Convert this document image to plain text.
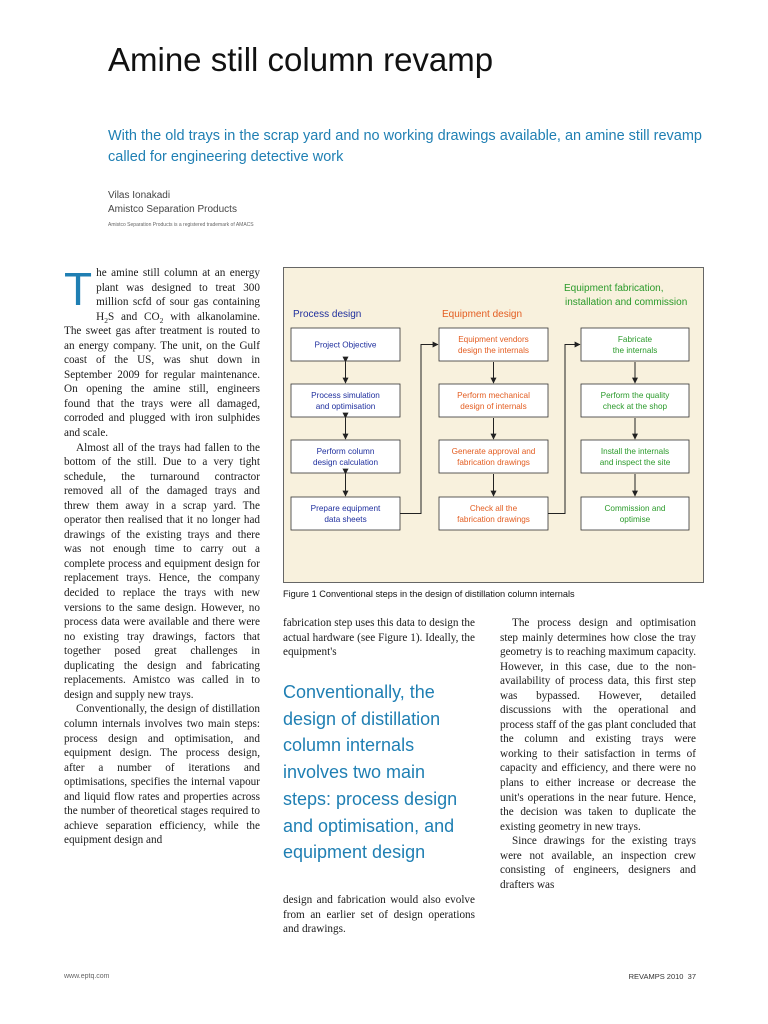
Amine still column revamp
With the old trays in the scrap yard and no working drawings available, an amine still revamp called for engineering detective work
Vilas Ionakadi
Amistco Separation Products
Amistco Separation Products is a registered trademark of AMACS

The amine still column at an energy plant was designed to treat 300 million scfd of sour gas containing $H_2S$ and $CO_2$ with alkanolamine. The sweet gas after treatment is routed to an energy company. The unit, on the Gulf coast of the US, was shut down in September 2009 for regular maintenance. On opening the amine still, engineers found that the trays were all damaged, corroded and plugged with iron sulphides and scale.

Almost all of the trays had fallen to the bottom of the still. Due to a very tight schedule, the turnaround contractor removed all of the damaged trays and threw them away in a scrap yard. The operator then realised that it no longer had drawings of the existing trays and there was not enough time to carry out a complete process and equipment design for replacement trays. Hence, the company decided to replace the trays with new versions to the same design. However, no process data were available and there were no existing tray drawings, factors that together posed great challenges in duplicating the design and fabricating replacements. Amistco was called in to design and supply new trays.

Conventionally, the design of distillation column internals involves two main steps: process design and optimisation, and equipment design. The process design, after a number of iterations and optimisations, specifies the internal vapour and liquid flow rates and properties across the number of theoretical stages required to achieve separation efficiency, while the equipment design and

Process design	Equipment design
Equipment fabrication,
installation and commission
Project Objective
Process simulation
and optimisation
Perform column
design calculation
Prepare equipment
data sheets
Equipment vendors
design the internals
Perform mechanical
design of internals
Generate approval and
fabrication drawings
Check all the
fabrication drawings
Fabricate
the internals
Perform the quality
check at the shop
Install the internals
and inspect the site
Commission and
optimise
Figure 1 Conventional steps in the design of distillation column internals
fabrication step uses this data to design the actual hardware (see Figure 1). Ideally, the equipment's
Conventionally, the design of distillation column internals involves two main steps: process design and optimisation, and equipment design
design and fabrication would also evolve from an earlier set of design operations and drawings.

The process design and optimisation step mainly determines how close the tray geometry is to reaching maximum capacity. However, in this case, due to the non-availability of process data, this first step was bypassed. However, detailed discussions with the operational and process staff of the gas plant concluded that the column and existing trays were working to their satisfaction in terms of capacity and efficiency, and there were no plans to either increase or decrease the unit's operations in the near future. Hence, the decision was taken to duplicate the existing geometry in new trays.

Since drawings for the existing trays were not available, an inspection crew consisting of engineers, designers and drafters was

www.eptq.com	REVAMPS 2010 37
